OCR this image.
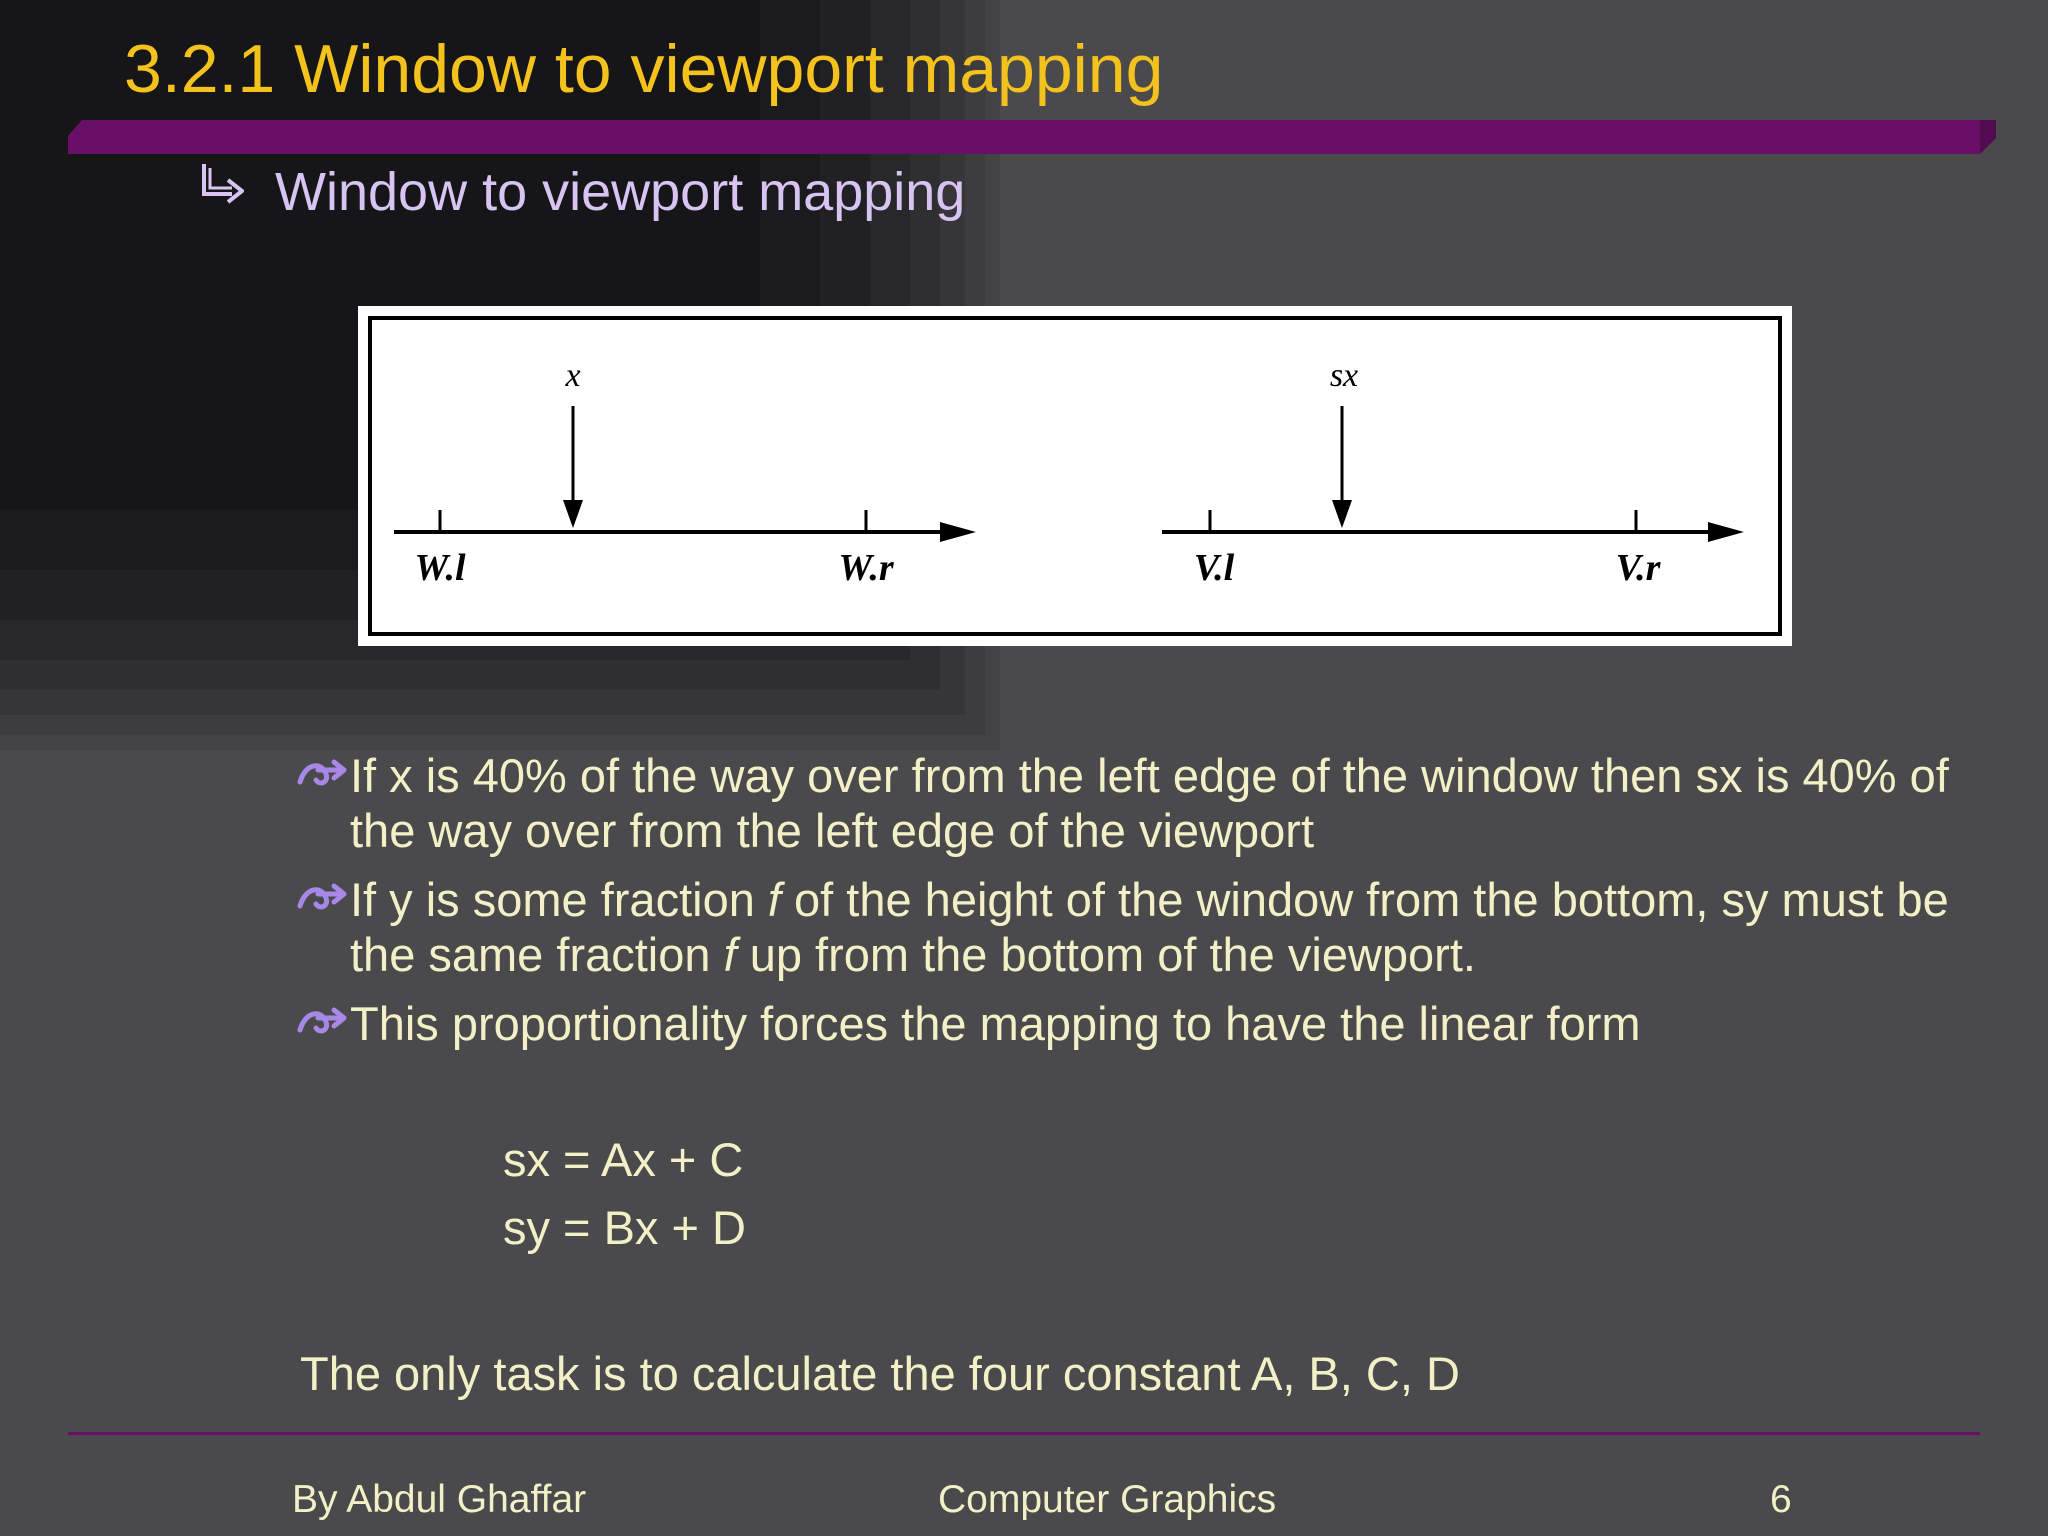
3.2.1 Window to viewport mapping
Window to viewport mapping
x
W.l	W.r
sx
V.l	V.r
If x is 40% of the way over from the left edge of the window then sx is 40% of the way over from the left edge of the viewport
If y is some fraction f of the height of the window from the bottom, sy must be the same fraction f up from the bottom of the viewport.
This proportionality forces the mapping to have the linear form
sx = Ax + C
sy = Bx + D
The only task is to calculate the four constant A, B, C, D
By Abdul Ghaffar	Computer Graphics	6
